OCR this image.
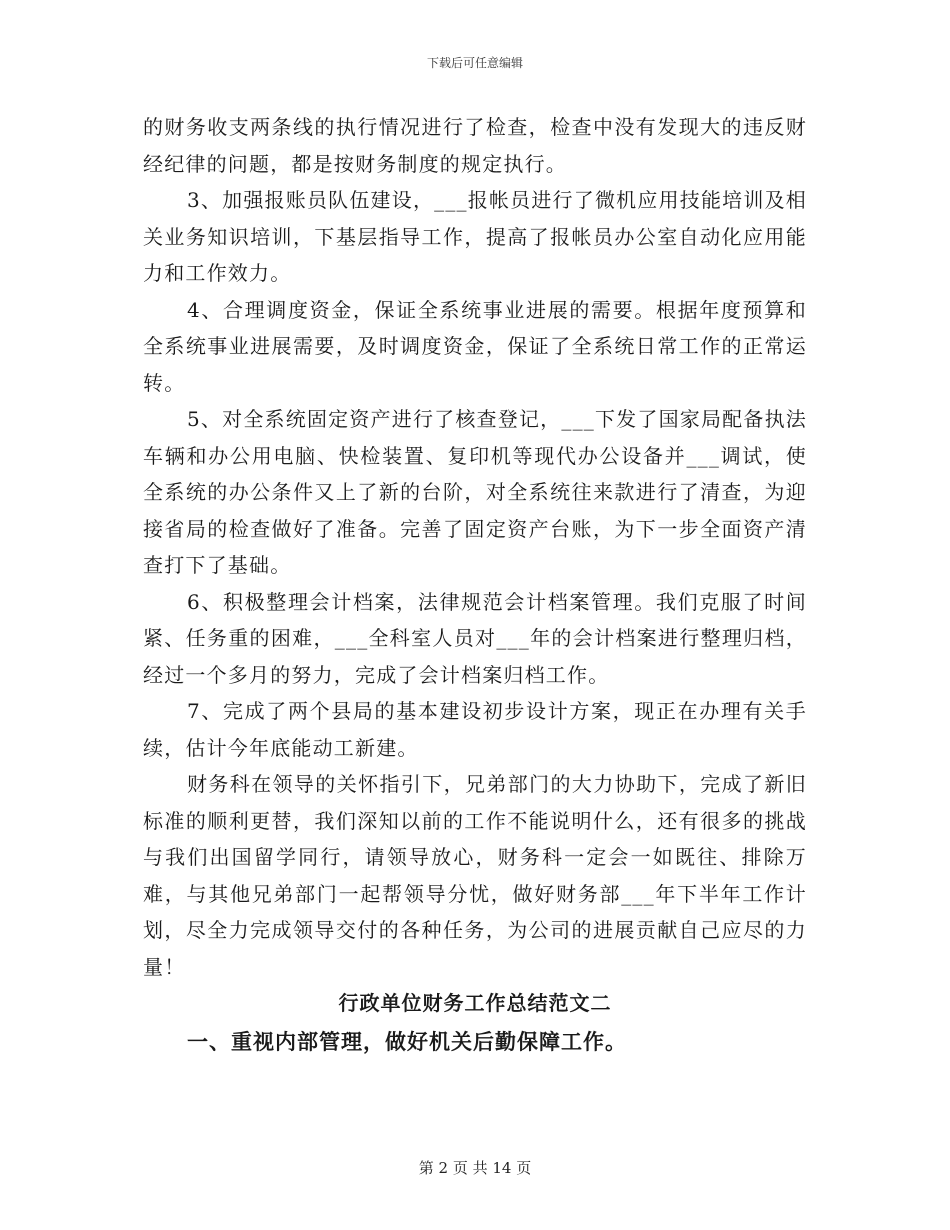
下载后可任意编辑

的财务收支两条线的执行情况进行了检查，检查中没有发现大的违反财经纪律的问题，都是按财务制度的规定执行。

3、加强报账员队伍建设，___报帐员进行了微机应用技能培训及相关业务知识培训，下基层指导工作，提高了报帐员办公室自动化应用能力和工作效力。

4、合理调度资金，保证全系统事业进展的需要。根据年度预算和全系统事业进展需要，及时调度资金，保证了全系统日常工作的正常运转。

5、对全系统固定资产进行了核查登记，___下发了国家局配备执法车辆和办公用电脑、快检装置、复印机等现代办公设备并___调试，使全系统的办公条件又上了新的台阶，对全系统往来款进行了清查，为迎接省局的检查做好了准备。完善了固定资产台账，为下一步全面资产清查打下了基础。

6、积极整理会计档案，法律规范会计档案管理。我们克服了时间紧、任务重的困难，___全科室人员对___年的会计档案进行整理归档，经过一个多月的努力，完成了会计档案归档工作。

7、完成了两个县局的基本建设初步设计方案，现正在办理有关手续，估计今年底能动工新建。

财务科在领导的关怀指引下，兄弟部门的大力协助下，完成了新旧标准的顺利更替，我们深知以前的工作不能说明什么，还有很多的挑战与我们出国留学同行，请领导放心，财务科一定会一如既往、排除万难，与其他兄弟部门一起帮领导分忧，做好财务部___年下半年工作计划，尽全力完成领导交付的各种任务，为公司的进展贡献自己应尽的力量！

行政单位财务工作总结范文二

一、重视内部管理，做好机关后勤保障工作。

第 2 页 共 14 页
